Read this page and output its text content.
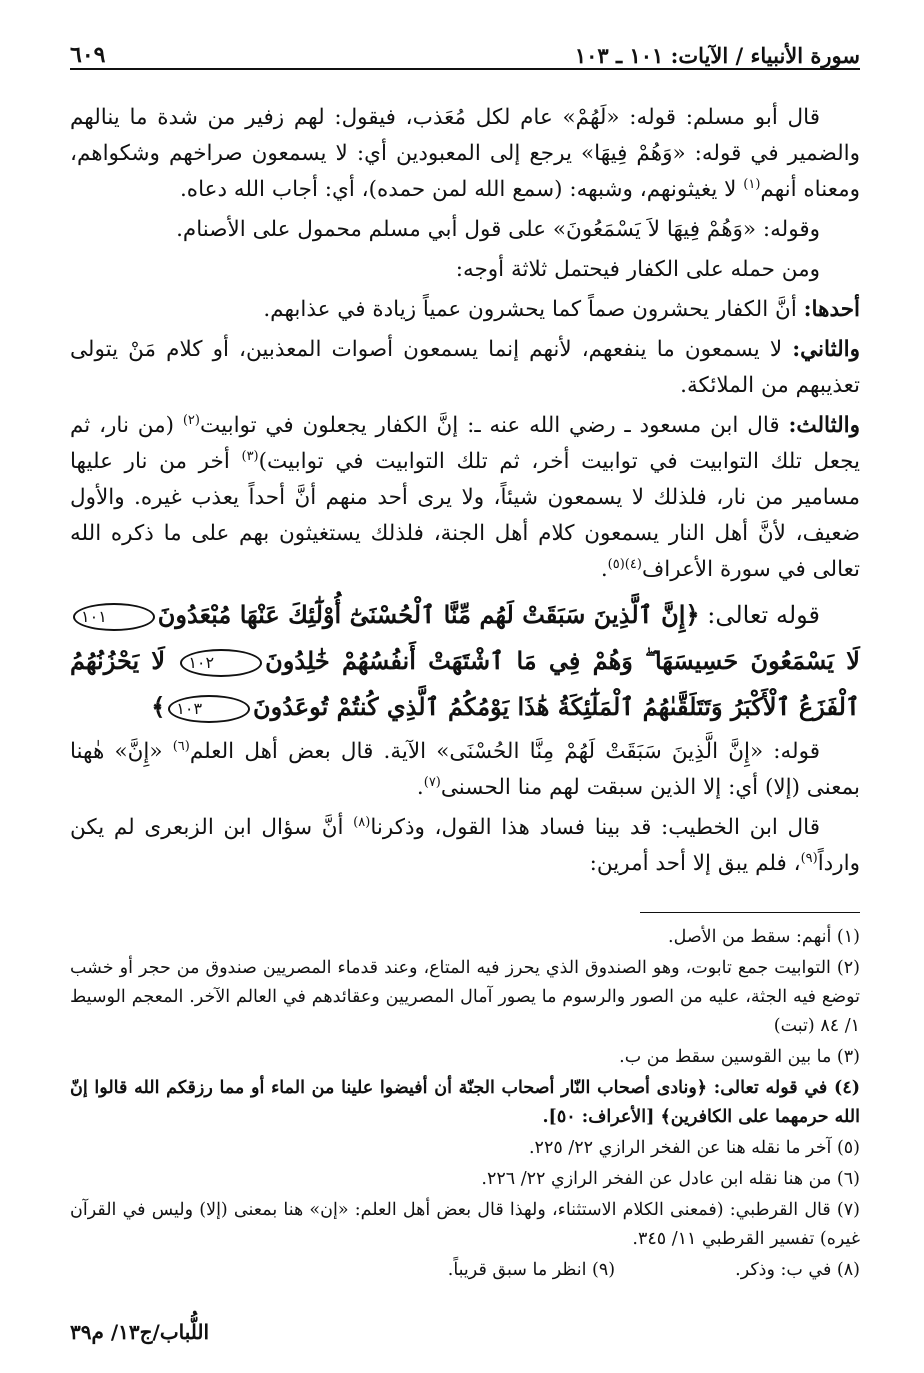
سورة الأنبياء / الآيات: ١٠١ ـ ١٠٣
٦٠٩

قال أبو مسلم: قوله: «لَهُمْ» عام لكل مُعَذب، فيقول: لهم زفير من شدة ما ينالهم والضمير في قوله: «وَهُمْ فِيهَا» يرجع إلى المعبودين أي: لا يسمعون صراخهم وشكواهم، ومعناه أنهم$^{(١)}$ لا يغيثونهم، وشبهه: (سمع الله لمن حمده)، أي: أجاب الله دعاه.

وقوله: «وَهُمْ فِيهَا لاَ يَسْمَعُونَ» على قول أبي مسلم محمول على الأصنام.

ومن حمله على الكفار فيحتمل ثلاثة أوجه:

أحدها: أنَّ الكفار يحشرون صماً كما يحشرون عمياً زيادة في عذابهم.

والثاني: لا يسمعون ما ينفعهم، لأنهم إنما يسمعون أصوات المعذبين، أو كلام مَنْ يتولى تعذيبهم من الملائكة.

والثالث: قال ابن مسعود ـ رضي الله عنه ـ: إنَّ الكفار يجعلون في توابيت$^{(٢)}$ (من نار، ثم يجعل تلك التوابيت في توابيت أخر، ثم تلك التوابيت في توابيت)$^{(٣)}$ أخر من نار عليها مسامير من نار، فلذلك لا يسمعون شيئاً، ولا يرى أحد منهم أنَّ أحداً يعذب غيره. والأول ضعيف، لأنَّ أهل النار يسمعون كلام أهل الجنة، فلذلك يستغيثون بهم على ما ذكره الله تعالى في سورة الأعراف$^{(٤)(٥)}$.

قوله تعالى: ﴿إِنَّ ٱلَّذِينَ سَبَقَتْ لَهُم مِّنَّا ٱلْحُسْنَىٰٓ أُوْلَٰٓئِكَ عَنْهَا مُبْعَدُونَ١٠١ لَا يَسْمَعُونَ حَسِيسَهَا ۖ وَهُمْ فِي مَا ٱشْتَهَتْ أَنفُسُهُمْ خَٰلِدُونَ١٠٢ لَا يَحْزُنُهُمُ ٱلْفَزَعُ ٱلْأَكْبَرُ وَتَتَلَقَّىٰهُمُ ٱلْمَلَٰٓئِكَةُ هَٰذَا يَوْمُكُمُ ٱلَّذِي كُنتُمْ تُوعَدُونَ١٠٣﴾

قوله: «إِنَّ الَّذِينَ سَبَقَتْ لَهُمْ مِنَّا الحُسْنَى» الآية. قال بعض أهل العلم$^{(٦)}$ «إِنَّ» هٰهنا بمعنى (إلا) أي: إلا الذين سبقت لهم منا الحسنى$^{(٧)}$.

قال ابن الخطيب: قد بينا فساد هذا القول، وذكرنا$^{(٨)}$ أنَّ سؤال ابن الزبعرى لم يكن وارداً$^{(٩)}$، فلم يبق إلا أحد أمرين:

(١) أنهم: سقط من الأصل.
(٢) التوابيت جمع تابوت، وهو الصندوق الذي يحرز فيه المتاع، وعند قدماء المصريين صندوق من حجر أو خشب توضع فيه الجثة، عليه من الصور والرسوم ما يصور آمال المصريين وعقائدهم في العالم الآخر. المعجم الوسيط ١/ ٨٤ (تبت)
(٣) ما بين القوسين سقط من ب.
(٤) في قوله تعالى: ﴿ونادى أصحاب النّار أصحاب الجنّة أن أفيضوا علينا من الماء أو مما رزقكم الله قالوا إنّ الله حرمهما على الكافرين﴾ [الأعراف: ٥٠].
(٥) آخر ما نقله هنا عن الفخر الرازي ٢٢/ ٢٢٥.
(٦) من هنا نقله ابن عادل عن الفخر الرازي ٢٢/ ٢٢٦.
(٧) قال القرطبي: (فمعنى الكلام الاستثناء، ولهذا قال بعض أهل العلم: «إن» هنا بمعنى (إلا) وليس في القرآن غيره) تفسير القرطبي ١١/ ٣٤٥.
(٨) في ب: وذكر.
(٩) انظر ما سبق قريباً.
اللُّباب/ج١٣/ م٣٩
